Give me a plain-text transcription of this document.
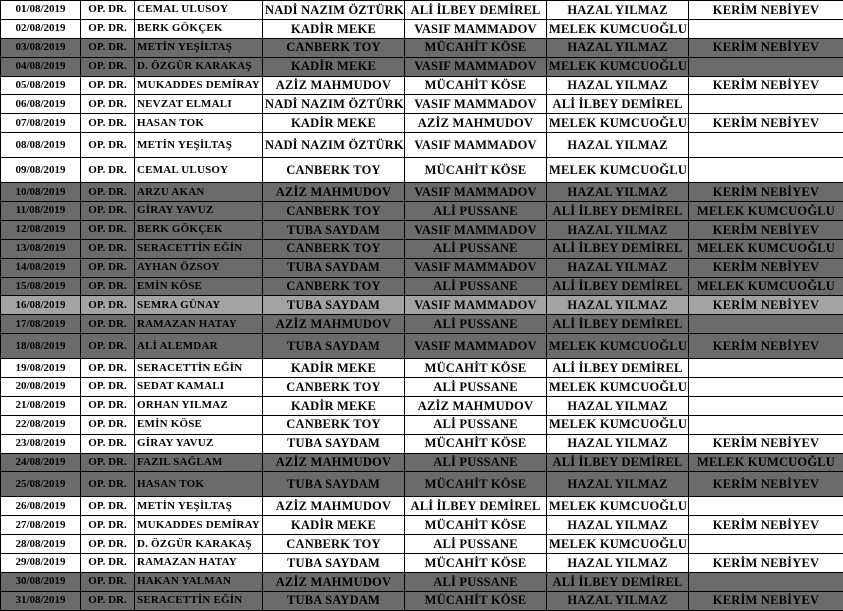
01/08/2019	OP. DR.	CEMAL ULUSOY	NADİ NAZIM ÖZTÜRK	ALİ İLBEY DEMİREL	HAZAL YILMAZ	KERİM NEBİYEV
02/08/2019	OP. DR.	BERK GÖKÇEK	KADİR MEKE	VASIF MAMMADOV	MELEK KUMCUOĞLU	
03/08/2019	OP. DR.	METİN YEŞİLTAŞ	CANBERK TOY	MÜCAHİT KÖSE	HAZAL YILMAZ	KERİM NEBİYEV
04/08/2019	OP. DR.	D. ÖZGÜR KARAKAŞ	KADİR MEKE	VASIF MAMMADOV	MELEK KUMCUOĞLU	
05/08/2019	OP. DR.	MUKADDES DEMİRAY	AZİZ MAHMUDOV	MÜCAHİT KÖSE	HAZAL YILMAZ	KERİM NEBİYEV
06/08/2019	OP. DR.	NEVZAT ELMALI	NADİ NAZIM ÖZTÜRK	VASIF MAMMADOV	ALİ İLBEY DEMİREL	
07/08/2019	OP. DR.	HASAN TOK	KADİR MEKE	AZİZ MAHMUDOV	MELEK KUMCUOĞLU	KERİM NEBİYEV
08/08/2019	OP. DR.	METİN YEŞİLTAŞ	NADİ NAZIM ÖZTÜRK	VASIF MAMMADOV	HAZAL YILMAZ	
09/08/2019	OP. DR.	CEMAL ULUSOY	CANBERK TOY	MÜCAHİT KÖSE	MELEK KUMCUOĞLU	
10/08/2019	OP. DR.	ARZU AKAN	AZİZ MAHMUDOV	VASIF MAMMADOV	HAZAL YILMAZ	KERİM NEBİYEV
11/08/2019	OP. DR.	GİRAY YAVUZ	CANBERK TOY	ALİ PUSSANE	ALİ İLBEY DEMİREL	MELEK KUMCUOĞLU
12/08/2019	OP. DR.	BERK GÖKÇEK	TUBA SAYDAM	VASIF MAMMADOV	HAZAL YILMAZ	KERİM NEBİYEV
13/08/2019	OP. DR.	SERACETTİN EĞİN	CANBERK TOY	ALİ PUSSANE	ALİ İLBEY DEMİREL	MELEK KUMCUOĞLU
14/08/2019	OP. DR.	AYHAN ÖZSOY	TUBA SAYDAM	VASIF MAMMADOV	HAZAL YILMAZ	KERİM NEBİYEV
15/08/2019	OP. DR.	EMİN KÖSE	CANBERK TOY	ALİ PUSSANE	ALİ İLBEY DEMİREL	MELEK KUMCUOĞLU
16/08/2019	OP. DR.	SEMRA GÜNAY	TUBA SAYDAM	VASIF MAMMADOV	HAZAL YILMAZ	KERİM NEBİYEV
17/08/2019	OP. DR.	RAMAZAN HATAY	AZİZ MAHMUDOV	ALİ PUSSANE	ALİ İLBEY DEMİREL	
18/08/2019	OP. DR.	ALİ ALEMDAR	TUBA SAYDAM	VASIF MAMMADOV	MELEK KUMCUOĞLU	KERİM NEBİYEV
19/08/2019	OP. DR.	SERACETTİN EĞİN	KADİR MEKE	MÜCAHİT KÖSE	ALİ İLBEY DEMİREL	
20/08/2019	OP. DR.	SEDAT KAMALI	CANBERK TOY	ALİ PUSSANE	MELEK KUMCUOĞLU	
21/08/2019	OP. DR.	ORHAN YILMAZ	KADİR MEKE	AZİZ MAHMUDOV	HAZAL YILMAZ	
22/08/2019	OP. DR.	EMİN KÖSE	CANBERK TOY	ALİ PUSSANE	MELEK KUMCUOĞLU	
23/08/2019	OP. DR.	GİRAY YAVUZ	TUBA SAYDAM	MÜCAHİT KÖSE	HAZAL YILMAZ	KERİM NEBİYEV
24/08/2019	OP. DR.	FAZIL SAĞLAM	AZİZ MAHMUDOV	ALİ PUSSANE	ALİ İLBEY DEMİREL	MELEK KUMCUOĞLU
25/08/2019	OP. DR.	HASAN TOK	TUBA SAYDAM	MÜCAHİT KÖSE	HAZAL YILMAZ	KERİM NEBİYEV
26/08/2019	OP. DR.	METİN YEŞİLTAŞ	AZİZ MAHMUDOV	ALİ İLBEY DEMİREL	MELEK KUMCUOĞLU	
27/08/2019	OP. DR.	MUKADDES DEMİRAY	KADİR MEKE	MÜCAHİT KÖSE	HAZAL YILMAZ	KERİM NEBİYEV
28/08/2019	OP. DR.	D. ÖZGÜR KARAKAŞ	CANBERK TOY	ALİ PUSSANE	MELEK KUMCUOĞLU	
29/08/2019	OP. DR.	RAMAZAN HATAY	TUBA SAYDAM	MÜCAHİT KÖSE	HAZAL YILMAZ	KERİM NEBİYEV
30/08/2019	OP. DR.	HAKAN YALMAN	AZİZ MAHMUDOV	ALİ PUSSANE	ALİ İLBEY DEMİREL	
31/08/2019	OP. DR.	SERACETTİN EĞİN	TUBA SAYDAM	MÜCAHİT KÖSE	HAZAL YILMAZ	KERİM NEBİYEV
